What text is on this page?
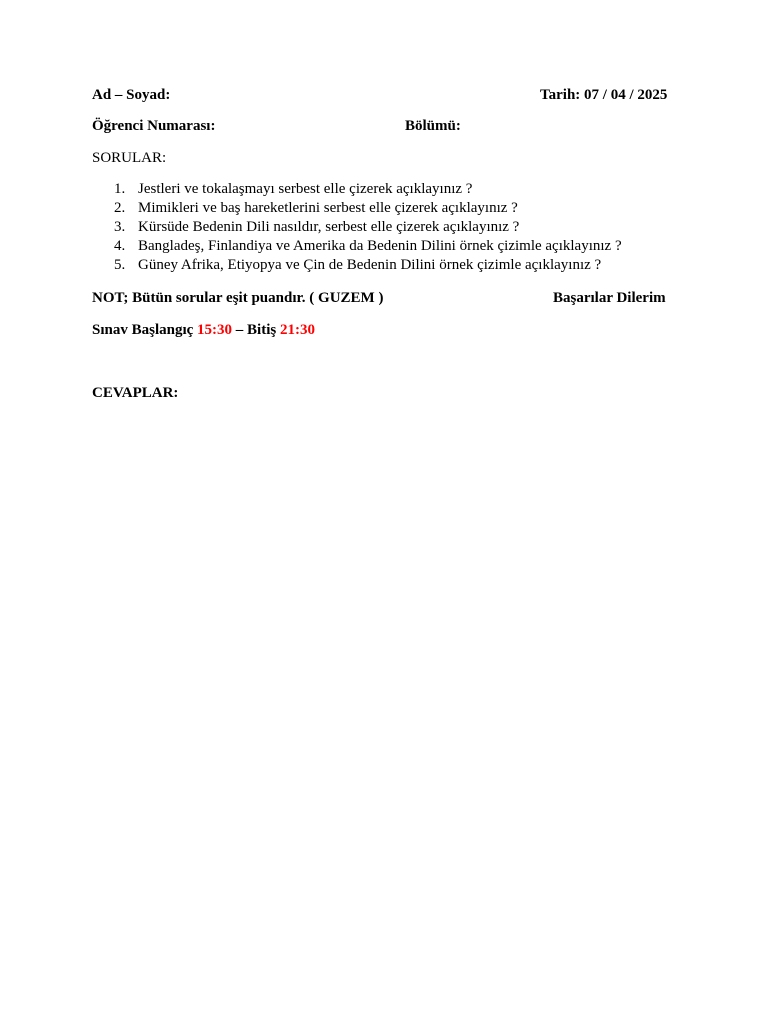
Ad – Soyad:	Tarih: 07 / 04 / 2025
Öğrenci Numarası:	Bölümü:
SORULAR:
1. Jestleri ve tokalaşmayı serbest elle çizerek açıklayınız ?
2. Mimikleri ve baş hareketlerini serbest elle çizerek açıklayınız ?
3. Kürsüde Bedenin Dili nasıldır, serbest elle çizerek açıklayınız ?
4. Bangladeş, Finlandiya ve Amerika da Bedenin Dilini örnek çizimle açıklayınız ?
5. Güney Afrika, Etiyopya ve Çin de Bedenin Dilini örnek çizimle açıklayınız ?
NOT; Bütün sorular eşit puandır. ( GUZEM )	Başarılar Dilerim
Sınav Başlangıç 15:30 – Bitiş 21:30
CEVAPLAR:
